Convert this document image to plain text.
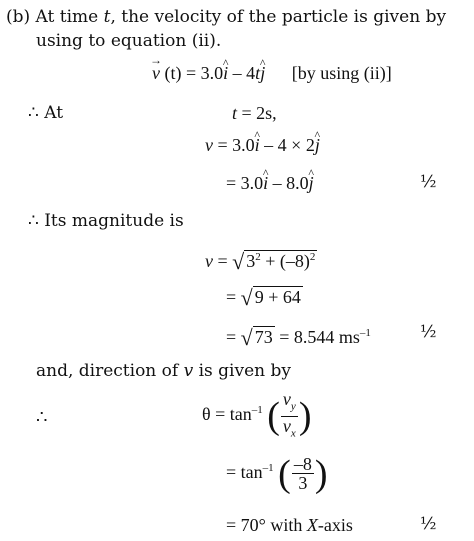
(b) At time t, the velocity of the particle is given by
using to equation (ii).
→ v (t) = 3.0i ^ – 4tj ^ [by using (ii)]
∴ At	t = 2s,
v = 3.0i ^ – 4 × 2j ^
= 3.0i ^ – 8.0j ^	½
∴ Its magnitude is
v = √ $3^2 + (-8)^2$
= √ 9 + 64
= √ 73 = 8.544 $ms^{-1}$	½
and, direction of v is given by
∴	$\theta = \tan^{-1}$ ( $\frac{v_y}{v_x}$ )
= $\tan^{-1}$ ( $\frac{-8}{3}$ )
= 70° with X-axis	½
